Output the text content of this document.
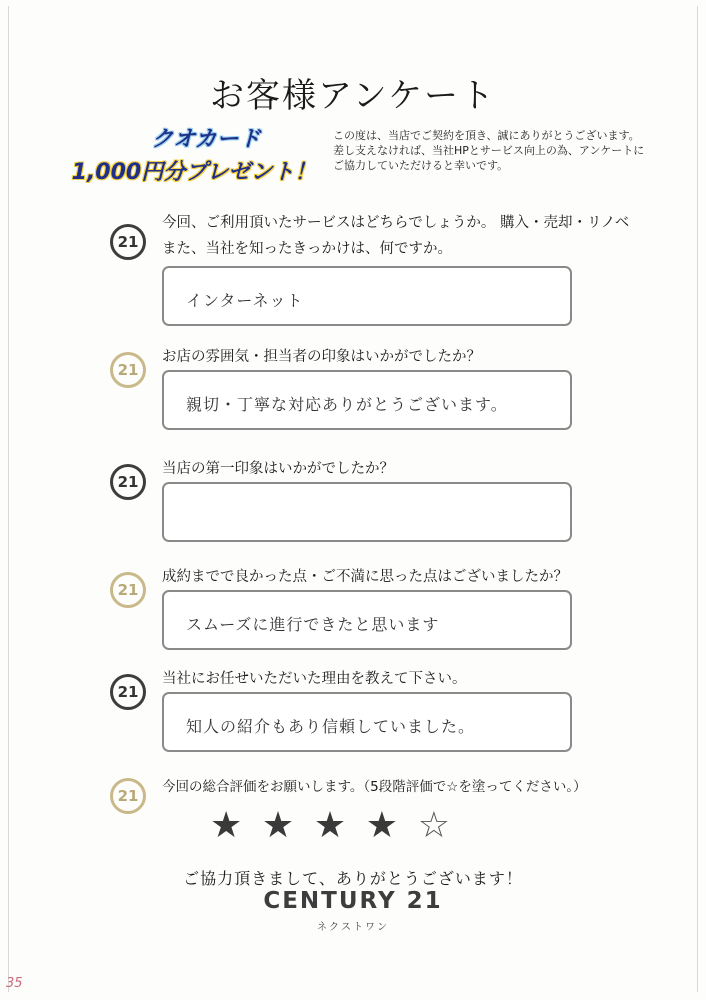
お客様アンケート
クオカード
1,000円分プレゼント！
この度は、当店でご契約を頂き、誠にありがとうございます。
差し支えなければ、当社HPとサービス向上の為、アンケートに
ご協力していただけると幸いです。
21
今回、ご利用頂いたサービスはどちらでしょうか。 購入・売却・リノベ
また、当社を知ったきっかけは、何ですか。
インターネット
21
お店の雰囲気・担当者の印象はいかがでしたか？
親切・丁寧な対応ありがとうございます。
21
当店の第一印象はいかがでしたか？
21
成約までで良かった点・ご不満に思った点はございましたか？
スムーズに進行できたと思います
21
当社にお任せいただいた理由を教えて下さい。
知人の紹介もあり信頼していました。
21	今回の総合評価をお願いします。（5段階評価で☆を塗ってください。）
★ ★ ★ ★ ☆
ご協力頂きまして、ありがとうございます！
CENTURY 21
ネクストワン
35
